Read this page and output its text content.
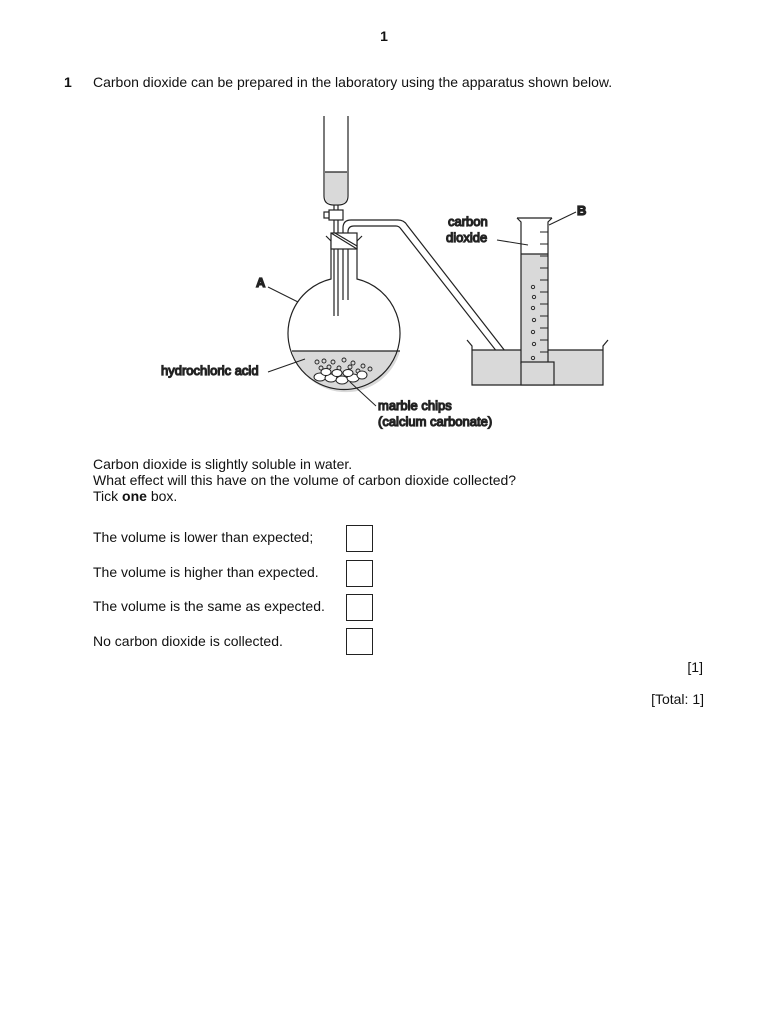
1
1 Carbon dioxide can be prepared in the laboratory using the apparatus shown below.
A
B
carbon
dioxide
hydrochloric acid
marble chips
(calcium carbonate)
Carbon dioxide is slightly soluble in water.
What effect will this have on the volume of carbon dioxide collected?
Tick one box.
The volume is lower than expected;
The volume is higher than expected.
The volume is the same as expected.
No carbon dioxide is collected.
[1]
[Total: 1]
